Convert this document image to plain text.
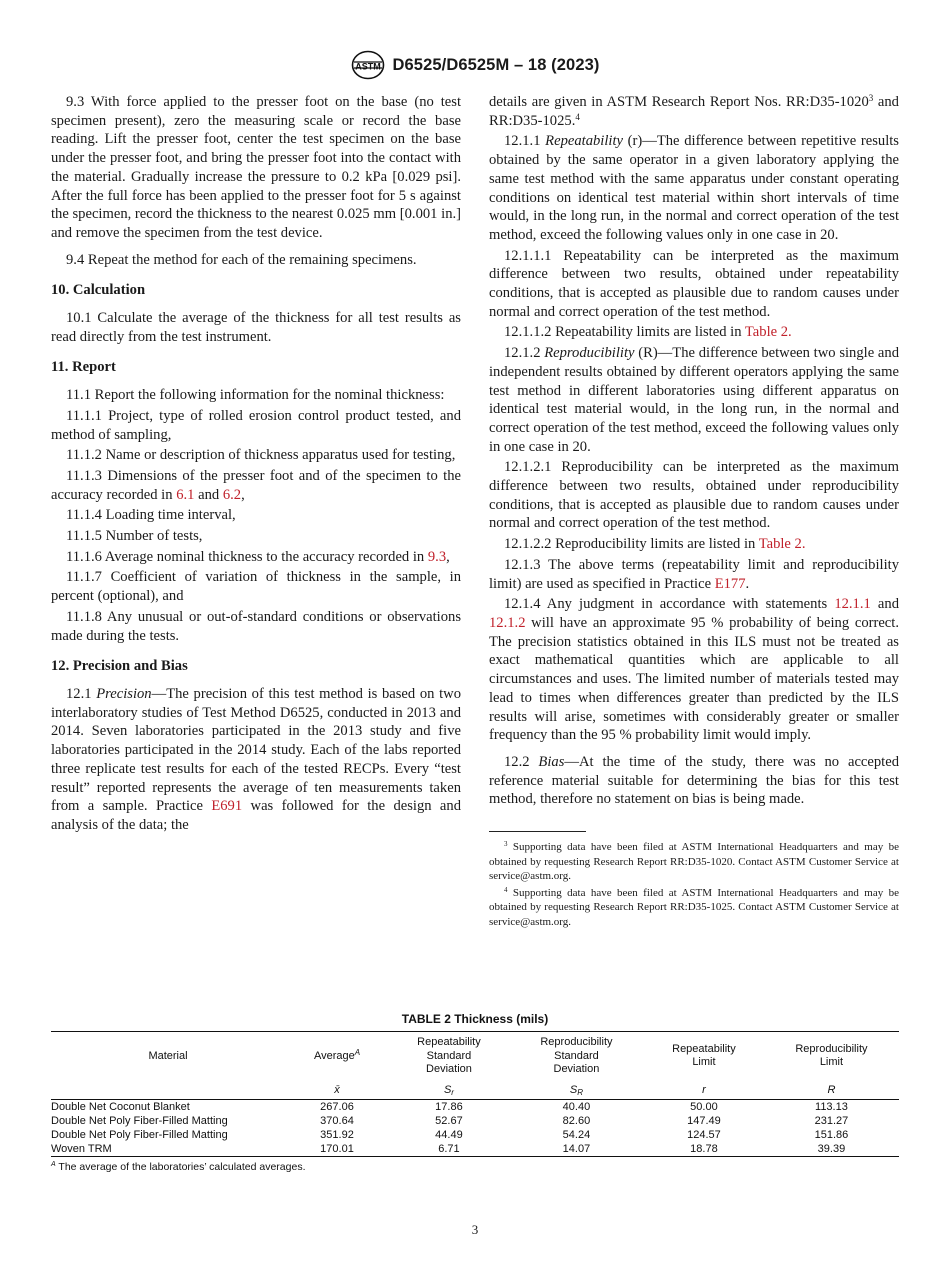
ASTM D6525/D6525M – 18 (2023)

9.3 With force applied to the presser foot on the base (no test specimen present), zero the measuring scale or record the base reading. Lift the presser foot, center the test specimen on the base under the presser foot, and bring the presser foot into the contact with the material. Gradually increase the pressure to 0.2 kPa [0.029 psi]. After the full force has been applied to the presser foot for 5 s against the specimen, record the thickness to the nearest 0.025 mm [0.001 in.] and remove the specimen from the test device.

9.4 Repeat the method for each of the remaining specimens.

10. Calculation

10.1 Calculate the average of the thickness for all test results as read directly from the test instrument.

11. Report

11.1 Report the following information for the nominal thickness:

11.1.1 Project, type of rolled erosion control product tested, and method of sampling,

11.1.2 Name or description of thickness apparatus used for testing,

11.1.3 Dimensions of the presser foot and of the specimen to the accuracy recorded in 6.1 and 6.2,

11.1.4 Loading time interval,

11.1.5 Number of tests,

11.1.6 Average nominal thickness to the accuracy recorded in 9.3,

11.1.7 Coefficient of variation of thickness in the sample, in percent (optional), and

11.1.8 Any unusual or out-of-standard conditions or observations made during the tests.

12. Precision and Bias

12.1 Precision—The precision of this test method is based on two interlaboratory studies of Test Method D6525, conducted in 2013 and 2014. Seven laboratories participated in the 2013 study and five laboratories participated in the 2014 study. Each of the labs reported three replicate test results for each of the tested RECPs. Every “test result” reported represents the average of ten measurements taken from a sample. Practice E691 was followed for the design and analysis of the data; the

details are given in ASTM Research Report Nos. RR:D35-1020$^3$ and RR:D35-1025.$^4$

12.1.1 Repeatability (r)—The difference between repetitive results obtained by the same operator in a given laboratory applying the same test method with the same apparatus under constant operating conditions on identical test material within short intervals of time would, in the long run, in the normal and correct operation of the test method, exceed the following values only in one case in 20.

12.1.1.1 Repeatability can be interpreted as the maximum difference between two results, obtained under repeatability conditions, that is accepted as plausible due to random causes under normal and correct operation of the test method.

12.1.1.2 Repeatability limits are listed in Table 2.

12.1.2 Reproducibility (R)—The difference between two single and independent results obtained by different operators applying the same test method in different laboratories using different apparatus on identical test material would, in the long run, in the normal and correct operation of the test method, exceed the following values only in one case in 20.

12.1.2.1 Reproducibility can be interpreted as the maximum difference between two results, obtained under reproducibility conditions, that is accepted as plausible due to random causes under normal and correct operation of the test method.

12.1.2.2 Reproducibility limits are listed in Table 2.

12.1.3 The above terms (repeatability limit and reproducibility limit) are used as specified in Practice E177.

12.1.4 Any judgment in accordance with statements 12.1.1 and 12.1.2 will have an approximate 95 % probability of being correct. The precision statistics obtained in this ILS must not be treated as exact mathematical quantities which are applicable to all circumstances and uses. The limited number of materials tested may lead to times when differences greater than predicted by the ILS results will arise, sometimes with considerably greater or smaller frequency than the 95 % probability limit would imply.

12.2 Bias—At the time of the study, there was no accepted reference material suitable for determining the bias for this test method, therefore no statement on bias is being made.

$^3$ Supporting data have been filed at ASTM International Headquarters and may be obtained by requesting Research Report RR:D35-1020. Contact ASTM Customer Service at service@astm.org.

$^4$ Supporting data have been filed at ASTM International Headquarters and may be obtained by requesting Research Report RR:D35-1025. Contact ASTM Customer Service at service@astm.org.

TABLE 2 Thickness (mils)
Material	Average$^A$	Repeatability
Standard
Deviation	Reproducibility
Standard
Deviation	Repeatability
Limit	Reproducibility
Limit
	x̄	$S_r$	$S_R$	r	R
Double Net Coconut Blanket	267.06	17.86	40.40	50.00	113.13
Double Net Poly Fiber-Filled Matting	370.64	52.67	82.60	147.49	231.27
Double Net Poly Fiber-Filled Matting	351.92	44.49	54.24	124.57	151.86
Woven TRM	170.01	6.71	14.07	18.78	39.39
$^A$ The average of the laboratories’ calculated averages.
3
